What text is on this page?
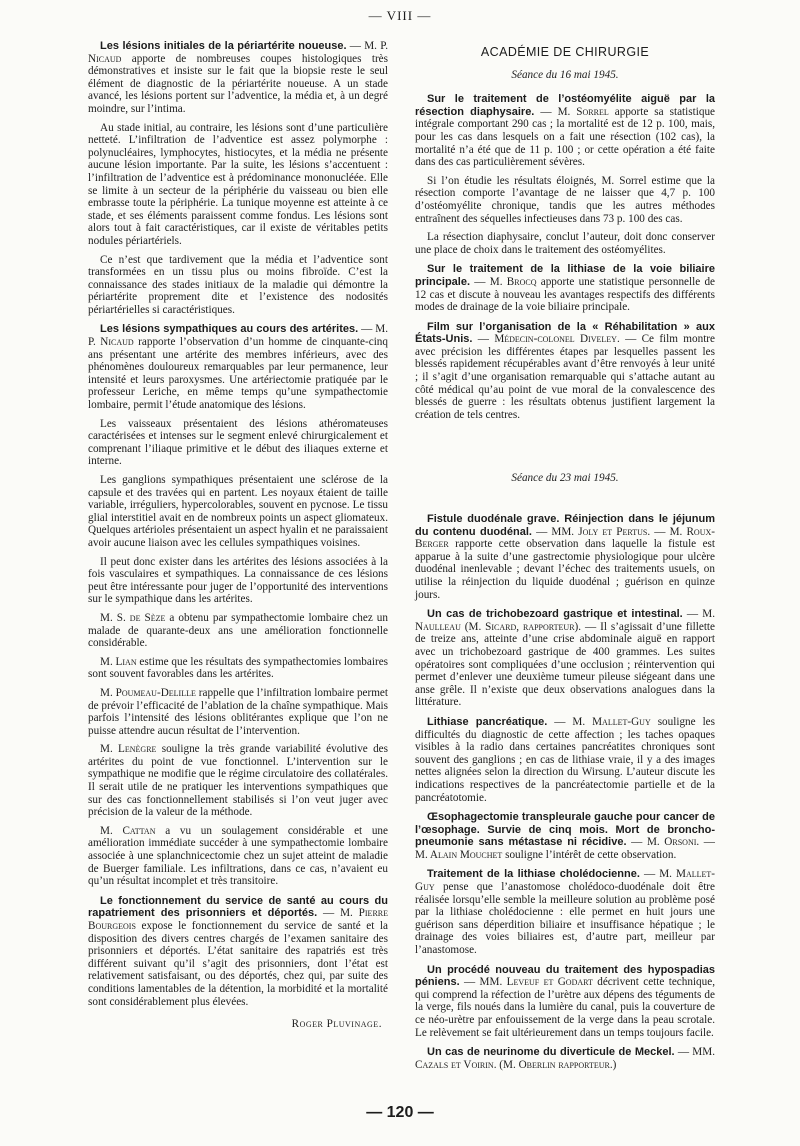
— VIII —

Les lésions initiales de la périartérite noueuse. — M. P. Nicaud apporte de nombreuses coupes histologiques très démonstratives et insiste sur le fait que la biopsie reste le seul élément de diagnostic de la périartérite noueuse. A un stade avancé, les lésions portent sur l’adventice, la média et, à un degré moindre, sur l’intima.

Au stade initial, au contraire, les lésions sont d’une particulière netteté. L’infiltration de l’adventice est assez polymorphe : polynucléaires, lymphocytes, histiocytes, et la média ne présente aucune lésion importante. Par la suite, les lésions s’accentuent : l’infiltration de l’adventice est à prédominance mononucléée. Elle se limite à un secteur de la périphérie du vaisseau ou bien elle embrasse toute la périphérie. La tunique moyenne est atteinte à ce stade, et ses éléments paraissent comme fondus. Les lésions sont alors tout à fait caractéristiques, car il existe de véritables petits nodules périartériels.

Ce n’est que tardivement que la média et l’adventice sont transformées en un tissu plus ou moins fibroïde. C’est la connaissance des stades initiaux de la maladie qui démontre la périartérite proprement dite et l’existence des nodosités périartérielles si caractéristiques.

Les lésions sympathiques au cours des artérites. — M. P. Nicaud rapporte l’observation d’un homme de cinquante-cinq ans présentant une artérite des membres inférieurs, avec des phénomènes douloureux remarquables par leur permanence, leur intensité et leurs paroxysmes. Une artériectomie pratiquée par le professeur Leriche, en même temps qu’une sympathectomie lombaire, permit l’étude anatomique des lésions.

Les vaisseaux présentaient des lésions athéromateuses caractérisées et intenses sur le segment enlevé chirurgicalement et comprenant l’iliaque primitive et le début des iliaques externe et interne.

Les ganglions sympathiques présentaient une sclérose de la capsule et des travées qui en partent. Les noyaux étaient de taille variable, irréguliers, hypercolorables, souvent en pycnose. Le tissu glial interstitiel avait en de nombreux points un aspect gliomateux. Quelques artérioles présentaient un aspect hyalin et ne paraissaient avoir aucune liaison avec les cellules sympathiques voisines.

Il peut donc exister dans les artérites des lésions associées à la fois vasculaires et sympathiques. La connaissance de ces lésions peut être intéressante pour juger de l’opportunité des interventions sur le sympathique dans les artérites.

M. S. de Sèze a obtenu par sympathectomie lombaire chez un malade de quarante-deux ans une amélioration fonctionnelle considérable.

M. Lian estime que les résultats des sympathectomies lombaires sont souvent favorables dans les artérites.

M. Poumeau-Delille rappelle que l’infiltration lombaire permet de prévoir l’efficacité de l’ablation de la chaîne sympathique. Mais parfois l’intensité des lésions oblitérantes explique que l’on ne puisse attendre aucun résultat de l’intervention.

M. Lenègre souligne la très grande variabilité évolutive des artérites du point de vue fonctionnel. L’intervention sur le sympathique ne modifie que le régime circulatoire des collatérales. Il serait utile de ne pratiquer les interventions sympathiques que sur des cas fonctionnellement stabilisés si l’on veut juger avec précision de la valeur de la méthode.

M. Cattan a vu un soulagement considérable et une amélioration immédiate succéder à une sympathectomie lombaire associée à une splanchnicectomie chez un sujet atteint de maladie de Buerger familiale. Les infiltrations, dans ce cas, n’avaient eu qu’un résultat incomplet et très transitoire.

Le fonctionnement du service de santé au cours du rapatriement des prisonniers et déportés. — M. Pierre Bourgeois expose le fonctionnement du service de santé et la disposition des divers centres chargés de l’examen sanitaire des prisonniers et déportés. L’état sanitaire des rapatriés est très différent suivant qu’il s’agit des prisonniers, dont l’état est relativement satisfaisant, ou des déportés, chez qui, par suite des conditions lamentables de la détention, la morbidité et la mortalité sont considérablement plus élevées.

Roger Pluvinage.
ACADÉMIE DE CHIRURGIE
Séance du 16 mai 1945.

Sur le traitement de l’ostéomyélite aiguë par la résection diaphysaire. — M. Sorrel apporte sa statistique intégrale comportant 290 cas ; la mortalité est de 12 p. 100, mais, pour les cas dans lesquels on a fait une résection (102 cas), la mortalité n’a été que de 11 p. 100 ; or cette opération a été faite dans des cas particulièrement sévères.

Si l’on étudie les résultats éloignés, M. Sorrel estime que la résection comporte l’avantage de ne laisser que 4,7 p. 100 d’ostéomyélite chronique, tandis que les autres méthodes entraînent des séquelles infectieuses dans 73 p. 100 des cas.

La résection diaphysaire, conclut l’auteur, doit donc conserver une place de choix dans le traitement des ostéomyélites.

Sur le traitement de la lithiase de la voie biliaire principale. — M. Brocq apporte une statistique personnelle de 12 cas et discute à nouveau les avantages respectifs des différents modes de drainage de la voie biliaire principale.

Film sur l’organisation de la « Réhabilitation » aux États-Unis. — Médecin-colonel Diveley. — Ce film montre avec précision les différentes étapes par lesquelles passent les blessés rapidement récupérables avant d’être renvoyés à leur unité ; il s’agit d’une organisation remarquable qui s’attache autant au côté médical qu’au point de vue moral de la convalescence des blessés de guerre : les résultats obtenus justifient largement la création de tels centres.

Séance du 23 mai 1945.

Fistule duodénale grave. Réinjection dans le jéjunum du contenu duodénal. — MM. Joly et Pertus. — M. Roux-Berger rapporte cette observation dans laquelle la fistule est apparue à la suite d’une gastrectomie physiologique pour ulcère duodénal inenlevable ; devant l’échec des traitements usuels, on utilise la réinjection du liquide duodénal ; guérison en quinze jours.

Un cas de trichobezoard gastrique et intestinal. — M. Naulleau (M. Sicard, rapporteur). — Il s’agissait d’une fillette de treize ans, atteinte d’une crise abdominale aiguë en rapport avec un trichobezoard gastrique de 400 grammes. Les suites opératoires sont compliquées d’une occlusion ; réintervention qui permet d’enlever une deuxième tumeur pileuse siégeant dans une anse grêle. Il n’existe que deux observations analogues dans la littérature.

Lithiase pancréatique. — M. Mallet-Guy souligne les difficultés du diagnostic de cette affection ; les taches opaques visibles à la radio dans certaines pancréatites chroniques sont souvent des ganglions ; en cas de lithiase vraie, il y a des images nettes alignées selon la direction du Wirsung. L’auteur discute les indications respectives de la pancréatectomie partielle et de la pancréatotomie.

Œsophagectomie transpleurale gauche pour cancer de l’œsophage. Survie de cinq mois. Mort de broncho-pneumonie sans métastase ni récidive. — M. Orsoni. — M. Alain Mouchet souligne l’intérêt de cette observation.

Traitement de la lithiase cholédocienne. — M. Mallet-Guy pense que l’anastomose cholédoco-duodénale doit être réalisée lorsqu’elle semble la meilleure solution au problème posé par la lithiase cholédocienne : elle permet en huit jours une guérison sans déperdition biliaire et insuffisance hépatique ; le drainage des voies biliaires est, d’autre part, meilleur par l’anastomose.

Un procédé nouveau du traitement des hypospadias péniens. — MM. Leveuf et Godart décrivent cette technique, qui comprend la réfection de l’urètre aux dépens des téguments de la verge, fils noués dans la lumière du canal, puis la couverture de ce néo-urètre par enfouissement de la verge dans la peau scrotale. Le relèvement se fait ultérieurement dans un temps toujours facile.

Un cas de neurinome du diverticule de Meckel. — MM. Cazals et Voirin. (M. Oberlin rapporteur.)

— 120 —
